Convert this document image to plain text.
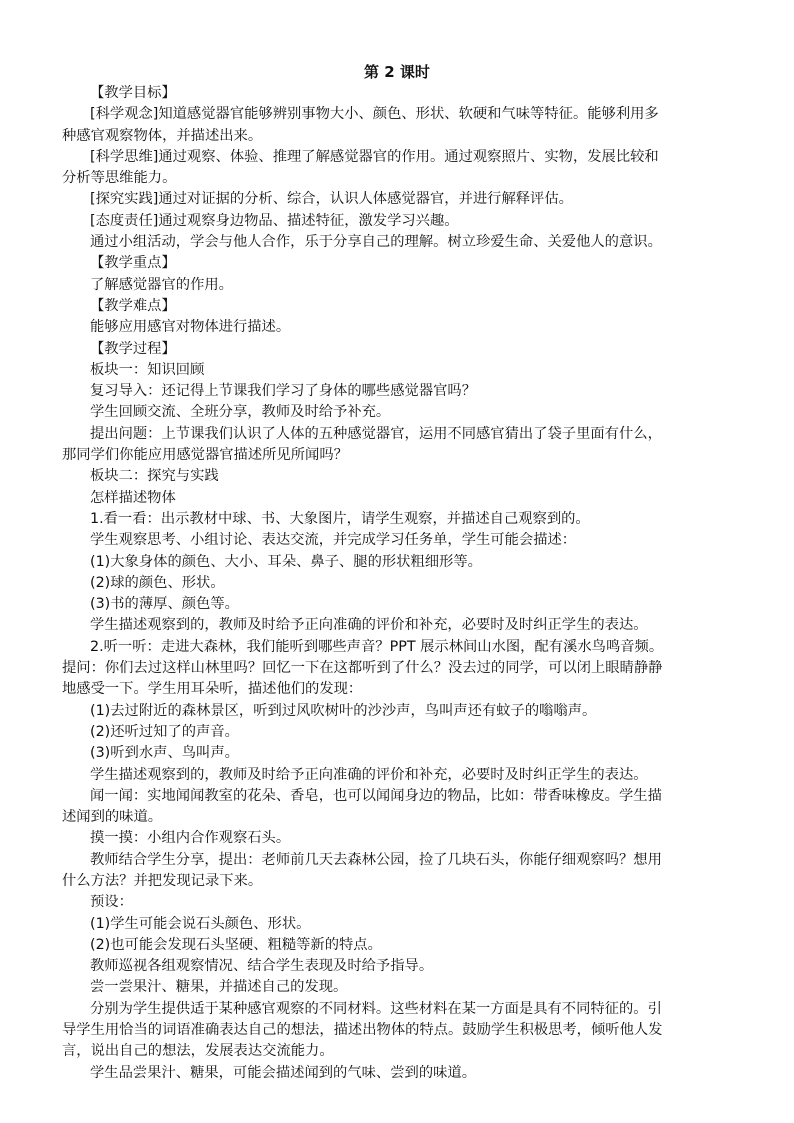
第 2 课时
【教学目标】
[科学观念]知道感觉器官能够辨别事物大小、颜色、形状、软硬和气味等特征。能够利用多
种感官观察物体，并描述出来。
[科学思维]通过观察、体验、推理了解感觉器官的作用。通过观察照片、实物，发展比较和
分析等思维能力。
[探究实践]通过对证据的分析、综合，认识人体感觉器官，并进行解释评估。
[态度责任]通过观察身边物品、描述特征，激发学习兴趣。
通过小组活动，学会与他人合作，乐于分享自己的理解。树立珍爱生命、关爱他人的意识。
【教学重点】
了解感觉器官的作用。
【教学难点】
能够应用感官对物体进行描述。
【教学过程】
板块一：知识回顾
复习导入：还记得上节课我们学习了身体的哪些感觉器官吗？
学生回顾交流、全班分享，教师及时给予补充。
提出问题：上节课我们认识了人体的五种感觉器官，运用不同感官猜出了袋子里面有什么，
那同学们你能应用感觉器官描述所见所闻吗？
板块二：探究与实践
怎样描述物体
1.看一看：出示教材中球、书、大象图片，请学生观察，并描述自己观察到的。
学生观察思考、小组讨论、表达交流，并完成学习任务单，学生可能会描述：
(1)大象身体的颜色、大小、耳朵、鼻子、腿的形状粗细形等。
(2)球的颜色、形状。
(3)书的薄厚、颜色等。
学生描述观察到的，教师及时给予正向准确的评价和补充，必要时及时纠正学生的表达。
2.听一听：走进大森林，我们能听到哪些声音？PPT 展示林间山水图，配有溪水鸟鸣音频。
提问：你们去过这样山林里吗？回忆一下在这都听到了什么？没去过的同学，可以闭上眼睛静静
地感受一下。学生用耳朵听，描述他们的发现：
(1)去过附近的森林景区，听到过风吹树叶的沙沙声，鸟叫声还有蚊子的嗡嗡声。
(2)还听过知了的声音。
(3)听到水声、鸟叫声。
学生描述观察到的，教师及时给予正向准确的评价和补充，必要时及时纠正学生的表达。
闻一闻：实地闻闻教室的花朵、香皂，也可以闻闻身边的物品，比如：带香味橡皮。学生描
述闻到的味道。
摸一摸：小组内合作观察石头。
教师结合学生分享，提出：老师前几天去森林公园，捡了几块石头，你能仔细观察吗？想用
什么方法？并把发现记录下来。
预设：
(1)学生可能会说石头颜色、形状。
(2)也可能会发现石头坚硬、粗糙等新的特点。
教师巡视各组观察情况、结合学生表现及时给予指导。
尝一尝果汁、糖果，并描述自己的发现。
分别为学生提供适于某种感官观察的不同材料。这些材料在某一方面是具有不同特征的。引
导学生用恰当的词语准确表达自己的想法，描述出物体的特点。鼓励学生积极思考，倾听他人发
言，说出自己的想法，发展表达交流能力。
学生品尝果汁、糖果，可能会描述闻到的气味、尝到的味道。
